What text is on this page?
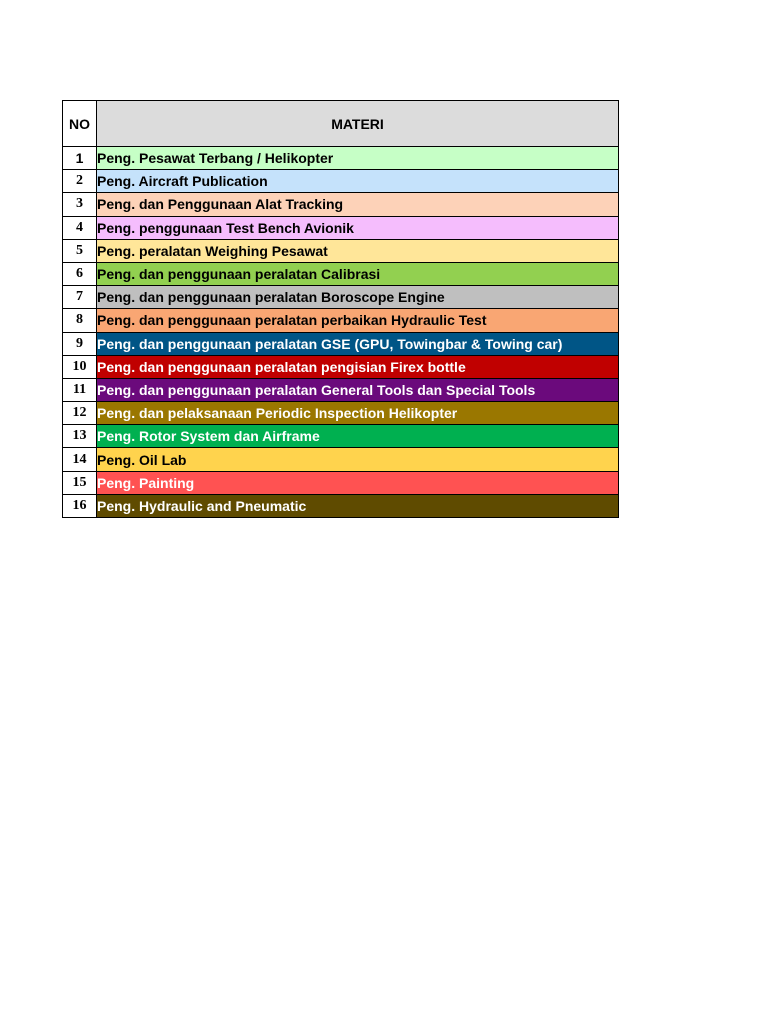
NO	MATERI
1	Peng. Pesawat Terbang / Helikopter
2	Peng. Aircraft Publication
3	Peng. dan Penggunaan Alat Tracking
4	Peng. penggunaan Test Bench Avionik
5	Peng. peralatan Weighing Pesawat
6	Peng. dan penggunaan peralatan Calibrasi
7	Peng. dan penggunaan peralatan Boroscope Engine
8	Peng. dan penggunaan peralatan perbaikan Hydraulic Test
9	Peng. dan penggunaan peralatan GSE (GPU, Towingbar & Towing car)
10	Peng. dan penggunaan peralatan pengisian Firex bottle
11	Peng. dan penggunaan peralatan General Tools dan Special Tools
12	Peng. dan pelaksanaan Periodic Inspection Helikopter
13	Peng. Rotor System dan Airframe
14	Peng. Oil Lab
15	Peng. Painting
16	Peng. Hydraulic and Pneumatic
